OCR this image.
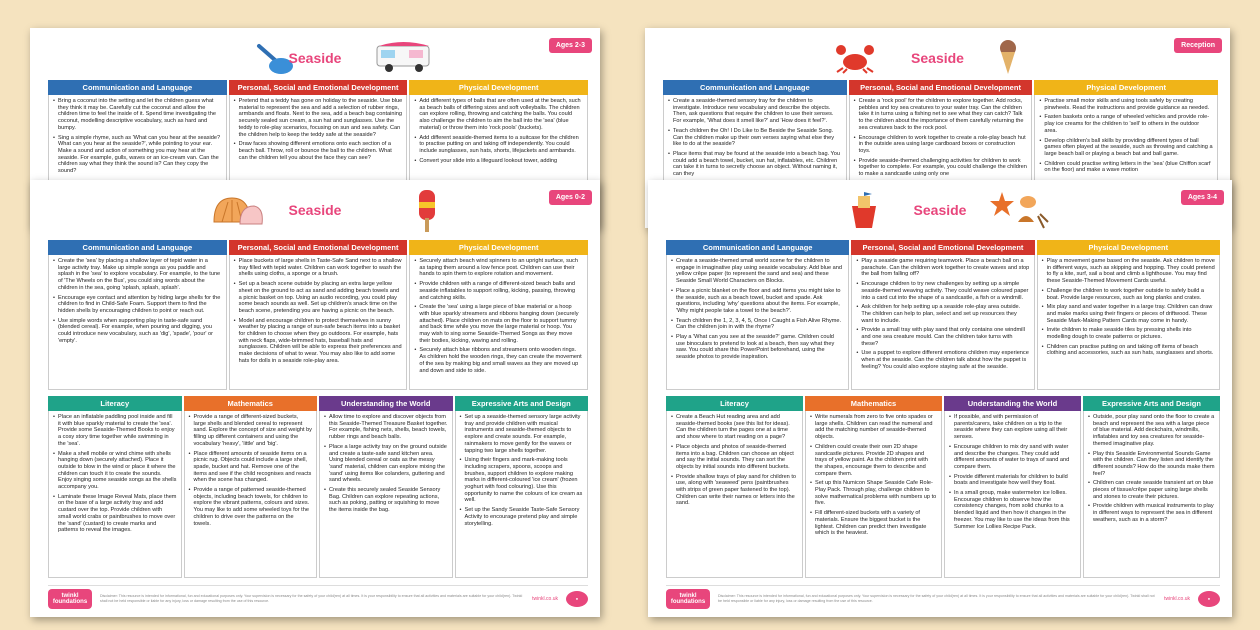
Ages 2-3
Seaside
Communication and Language
• Bring a coconut into the setting and let the children guess what they think it may be. Carefully cut the coconut and allow the children time to feel the inside of it. Spend time investigating the coconut, modelling descriptive vocabulary, such as hard and bumpy.
• Sing a simple rhyme, such as 'What can you hear at the seaside? What can you hear at the seaside?', while pointing to your ear. Make a sound and action of something you may hear at the seaside. For example, gulls, waves or an ice-cream van. Can the children say what they think the sound is? Can they copy the sound?
Personal, Social and Emotional Development
• Pretend that a teddy has gone on holiday to the seaside. Use blue material to represent the sea and add a selection of rubber rings, armbands and floats. Next to the sea, add a beach bag containing securely sealed sun cream, a sun hat and sunglasses. Use the teddy to role-play scenarios, focusing on sun and sea safety. Can the children help to keep the teddy safe at the seaside?
• Draw faces showing different emotions onto each section of a beach ball. Throw, roll or bounce the ball to the children. What can the children tell you about the face they can see?
Physical Development
• Add different types of balls that are often used at the beach, such as beach balls of differing sizes and soft volleyballs. The children can explore rolling, throwing and catching the balls. You could also challenge the children to aim the ball into the 'sea' (blue material) or throw them into 'rock pools' (buckets).
• Add different seaside-themed items to a suitcase for the children to practise putting on and taking off independently. You could include sunglasses, sun hats, shorts, lifejackets and armbands.
• Convert your slide into a lifeguard lookout tower, adding
Reception
Seaside
Communication and Language
• Create a seaside-themed sensory tray for the children to investigate. Introduce new vocabulary and describe the objects. Then, ask questions that require the children to use their senses. For example, 'What does it smell like?' and 'How does it feel?'.
• Teach children the Oh! I Do Like to Be Beside the Seaside Song. Can the children make up their own verses saying what else they like to do at the seaside?
• Place items that may be found at the seaside into a beach bag. You could add a beach towel, bucket, sun hat, inflatables, etc. Children can take it in turns to secretly choose an object. Without naming it, can they
Personal, Social and Emotional Development
• Create a 'rock pool' for the children to explore together. Add rocks, pebbles and toy sea creatures to your water tray. Can the children take it in turns using a fishing net to see what they can catch? Talk to the children about the importance of them carefully returning the sea creatures back to the rock pool.
• Encourage children to work together to create a role-play beach hut in the outside area using large cardboard boxes or construction toys.
• Provide seaside-themed challenging activities for children to work together to complete. For example, you could challenge the children to make a sandcastle using only one
Physical Development
• Practise small motor skills and using tools safely by creating pinwheels. Read the instructions and provide guidance as needed.
• Fasten baskets onto a range of wheeled vehicles and provide role-play ice creams for the children to 'sell' to others in the outdoor area.
• Develop children's ball skills by providing different types of ball games often played at the seaside, such as throwing and catching a large beach ball or playing a beach bat and ball game.
• Children could practise writing letters in the 'sea' (blue Chiffon scarf on the floor) and make a wave motion
Ages 0-2
Seaside
Communication and Language
• Create the 'sea' by placing a shallow layer of tepid water in a large activity tray. Make up simple songs as you paddle and splash in the 'sea' to explore vocabulary. For example, to the tune of 'The Wheels on the Bus', you could sing words about the children in the sea, going 'splash, splash, splash'.
• Encourage eye contact and attention by hiding large shells for the children to find in Child-Safe Foam. Support them to find the hidden shells by encouraging children to point or reach out.
• Use simple words when supporting play in taste-safe sand (blended cereal). For example, when pouring and digging, you could introduce new vocabulary, such as 'dig', 'spade', 'pour' or 'empty'.
Personal, Social and Emotional Development
• Place buckets of large shells in Taste-Safe Sand next to a shallow tray filled with tepid water. Children can work together to wash the shells using cloths, a sponge or a brush.
• Set up a beach scene outside by placing an extra large yellow sheet on the ground to act as sand and adding beach towels and a picnic basket on top. Using an audio recording, you could play some beach sounds as well. Set up children's snack time on the beach scene, pretending you are having a picnic on the beach.
• Model and encourage children to protect themselves in sunny weather by placing a range of sun-safe beach items into a basket for children to choose when they go outdoors. For example, hats with neck flaps, wide-brimmed hats, baseball hats and sunglasses. Children will be able to express their preferences and make decisions of what to wear. You may also like to add some hats for dolls in a seaside role-play area.
Physical Development
• Securely attach beach wind spinners to an upright surface, such as taping them around a low fence post. Children can use their hands to spin them to explore rotation and movement.
• Provide children with a range of different-sized beach balls and seaside inflatables to support rolling, kicking, passing, throwing and catching skills.
• Create the 'sea' using a large piece of blue material or a hoop with blue sparkly streamers and ribbons hanging down (securely attached). Place children on mats on the floor to support tummy and back time while you move the large material or hoop. You may wish to sing some Seaside-Themed Songs as they move their bodies, kicking, waving and rolling.
• Securely attach blue ribbons and streamers onto wooden rings. As children hold the wooden rings, they can create the movement of the sea by making big and small waves as they are moved up and down and side to side.
Literacy
• Place an inflatable paddling pool inside and fill it with blue sparkly material to create the 'sea'. Provide some Seaside-Themed Books to enjoy a cosy story time together while swimming in the 'sea'.
• Make a shell mobile or wind chime with shells hanging down (securely attached). Place it outside to blow in the wind or place it where the children can touch it to create the sounds. Enjoy singing some seaside songs as the shells accompany you.
• Laminate these Image Reveal Mats, place them on the base of a large activity tray and add custard over the top. Provide children with small world crabs or paintbrushes to move over the 'sand' (custard) to create marks and patterns to reveal the images.
Mathematics
• Provide a range of different-sized buckets, large shells and blended cereal to represent sand. Explore the concept of size and weight by filling up different containers and using the vocabulary 'heavy', 'little' and 'big'.
• Place different amounts of seaside items on a picnic rug. Objects could include a large shell, spade, bucket and hat. Remove one of the items and see if the child recognises and reacts when the scene has changed.
• Provide a range of patterned seaside-themed objects, including beach towels, for children to explore the vibrant patterns, colours and sizes. You may like to add some wheeled toys for the children to drive over the patterns on the towels.
Understanding the World
• Allow time to explore and discover objects from this Seaside-Themed Treasure Basket together. For example, fishing nets, shells, beach towels, rubber rings and beach balls.
• Place a large activity tray on the ground outside and create a taste-safe sand kitchen area. Using blended cereal or oats as the messy 'sand' material, children can explore mixing the 'sand' using items like colanders, guttering and sand wheels.
• Create this securely sealed Seaside Sensory Bag. Children can explore repeating actions, such as poking, patting or squishing to move the items inside the bag.
Expressive Arts and Design
• Set up a seaside-themed sensory large activity tray and provide children with musical instruments and seaside-themed objects to explore and create sounds. For example, rainmakers to move gently for the waves or tapping two large shells together.
• Using their fingers and mark-making tools including scrapers, spoons, scoops and brushes, support children to explore making marks in different-coloured 'ice cream' (frozen yoghurt with food colouring). Use this opportunity to name the colours of ice cream as well.
• Set up the Sandy Seaside Taste-Safe Sensory Activity to encourage pretend play and simple storytelling.
twinkl foundations
Disclaimer: This resource is intended for informational, fun and educational purposes only. Your supervision is necessary for the safety of your child(ren) at all times. It is your responsibility to ensure that all activities and materials are suitable for your child(ren). Twinkl shall not be held responsible or liable for any injury, loss or damage resulting from the use of this resource.	twinkl.co.uk	●
Ages 3-4
Seaside
Communication and Language
• Create a seaside-themed small world scene for the children to engage in imaginative play using seaside vocabulary. Add blue and yellow crêpe paper (to represent the sand and sea) and these Seaside Small World Characters on Blocks.
• Place a picnic blanket on the floor and add items you might take to the seaside, such as a beach towel, bucket and spade. Ask questions, including 'why' questions about the items. For example, 'Why might people take a towel to the beach?'.
• Teach children the 1, 2, 3, 4, 5, Once I Caught a Fish Alive Rhyme. Can the children join in with the rhyme?
• Play a 'What can you see at the seaside?' game. Children could use binoculars to pretend to look at a beach, then say what they saw. You could share this PowerPoint beforehand, using the seaside photos to provide inspiration.
Personal, Social and Emotional Development
• Play a seaside game requiring teamwork. Place a beach ball on a parachute. Can the children work together to create waves and stop the ball from falling off?
• Encourage children to try new challenges by setting up a simple seaside-themed weaving activity. They could weave coloured paper into a card cut into the shape of a sandcastle, a fish or a windmill.
• Ask children for help setting up a seaside role-play area outside. The children can help to plan, select and set up resources they want to include.
• Provide a small tray with play sand that only contains one windmill and one sea creature mould. Can the children take turns with these?
• Use a puppet to explore different emotions children may experience when at the seaside. Can the children talk about how the puppet is feeling? You could also explore staying safe at the seaside.
Physical Development
• Play a movement game based on the seaside. Ask children to move in different ways, such as skipping and hopping. They could pretend to fly a kite, surf, sail a boat and climb a lighthouse. You may find these Seaside-Themed Movement Cards useful.
• Challenge the children to work together outside to safely build a boat. Provide large resources, such as long planks and crates.
• Mix play sand and water together in a large tray. Children can draw and make marks using their fingers or pieces of driftwood. These Seaside Mark-Making Pattern Cards may come in handy.
• Invite children to make seaside tiles by pressing shells into modelling dough to create patterns or pictures.
• Children can practise putting on and taking off items of beach clothing and accessories, such as sun hats, sunglasses and shorts.
Literacy
• Create a Beach Hut reading area and add seaside-themed books (see this list for ideas). Can the children turn the pages one at a time and show where to start reading on a page?
• Place objects and photos of seaside-themed items into a bag. Children can choose an object and say the initial sounds. They can sort the objects by initial sounds into different buckets.
• Provide shallow trays of play sand for children to use, along with 'seaweed' pens (paintbrushes with strips of green paper fastened to the top). Children can write their names or letters into the sand.
Mathematics
• Write numerals from zero to five onto spades or large shells. Children can read the numeral and add the matching number of seaside-themed objects.
• Children could create their own 2D shape sandcastle pictures. Provide 2D shapes and trays of yellow paint. As the children print with the shapes, encourage them to describe and compare them.
• Set up this Numicon Shape Seaside Cafe Role-Play Pack. Through play, challenge children to solve mathematical problems with numbers up to five.
• Fill different-sized buckets with a variety of materials. Ensure the biggest bucket is the lightest. Children can predict then investigate which is the heaviest.
Understanding the World
• If possible, and with permission of parents/carers, take children on a trip to the seaside where they can explore using all their senses.
• Encourage children to mix dry sand with water and describe the changes. They could add different amounts of water to trays of sand and compare them.
• Provide different materials for children to build boats and investigate how well they float.
• In a small group, make watermelon ice lollies. Encourage children to observe how the consistency changes, from solid chunks to a blended liquid and then how it changes in the freezer. You may like to use the ideas from this Summer Ice Lollies Recipe Pack.
Expressive Arts and Design
• Outside, pour play sand onto the floor to create a beach and represent the sea with a large piece of blue material. Add deckchairs, windmills, inflatables and toy sea creatures for seaside-themed imaginative play.
• Play this Seaside Environmental Sounds Game with the children. Can they listen and identify the different sounds? How do the sounds make them feel?
• Children can create seaside transient art on blue pieces of tissue/crêpe paper using large shells and stones to create their pictures.
• Provide children with musical instruments to play in different ways to represent the sea in different weathers, such as in a storm?
twinkl foundations
Disclaimer: This resource is intended for informational, fun and educational purposes only. Your supervision is necessary for the safety of your child(ren) at all times. It is your responsibility to ensure that all activities and materials are suitable for your child(ren). Twinkl shall not be held responsible or liable for any injury, loss or damage resulting from the use of this resource.	twinkl.co.uk	●
